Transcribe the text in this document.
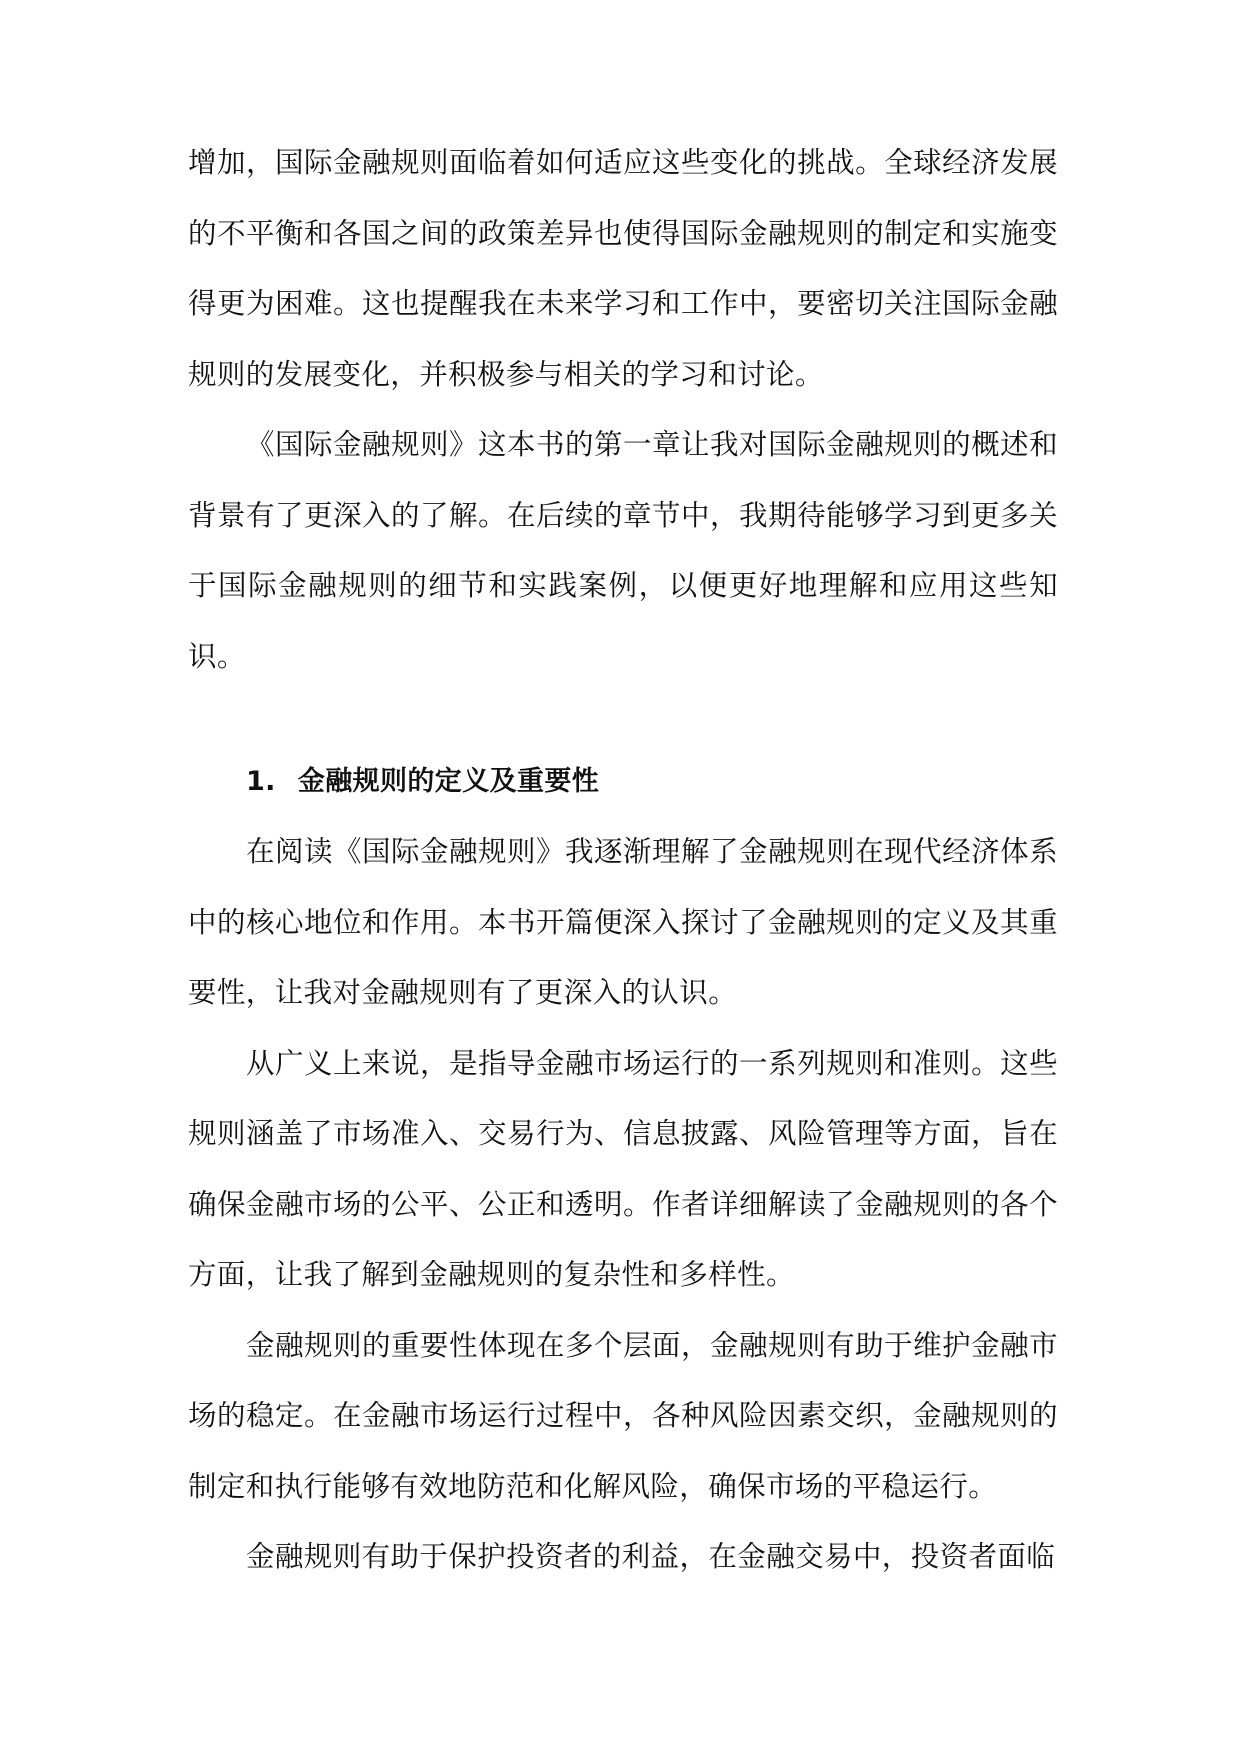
增加，国际金融规则面临着如何适应这些变化的挑战。全球经济发展的不平衡和各国之间的政策差异也使得国际金融规则的制定和实施变得更为困难。这也提醒我在未来学习和工作中，要密切关注国际金融规则的发展变化，并积极参与相关的学习和讨论。

《国际金融规则》这本书的第一章让我对国际金融规则的概述和背景有了更深入的了解。在后续的章节中，我期待能够学习到更多关于国际金融规则的细节和实践案例，以便更好地理解和应用这些知识。

1. 金融规则的定义及重要性

在阅读《国际金融规则》我逐渐理解了金融规则在现代经济体系中的核心地位和作用。本书开篇便深入探讨了金融规则的定义及其重要性，让我对金融规则有了更深入的认识。

从广义上来说，是指导金融市场运行的一系列规则和准则。这些规则涵盖了市场准入、交易行为、信息披露、风险管理等方面，旨在确保金融市场的公平、公正和透明。作者详细解读了金融规则的各个方面，让我了解到金融规则的复杂性和多样性。

金融规则的重要性体现在多个层面，金融规则有助于维护金融市场的稳定。在金融市场运行过程中，各种风险因素交织，金融规则的制定和执行能够有效地防范和化解风险，确保市场的平稳运行。

金融规则有助于保护投资者的利益，在金融交易中，投资者面临
